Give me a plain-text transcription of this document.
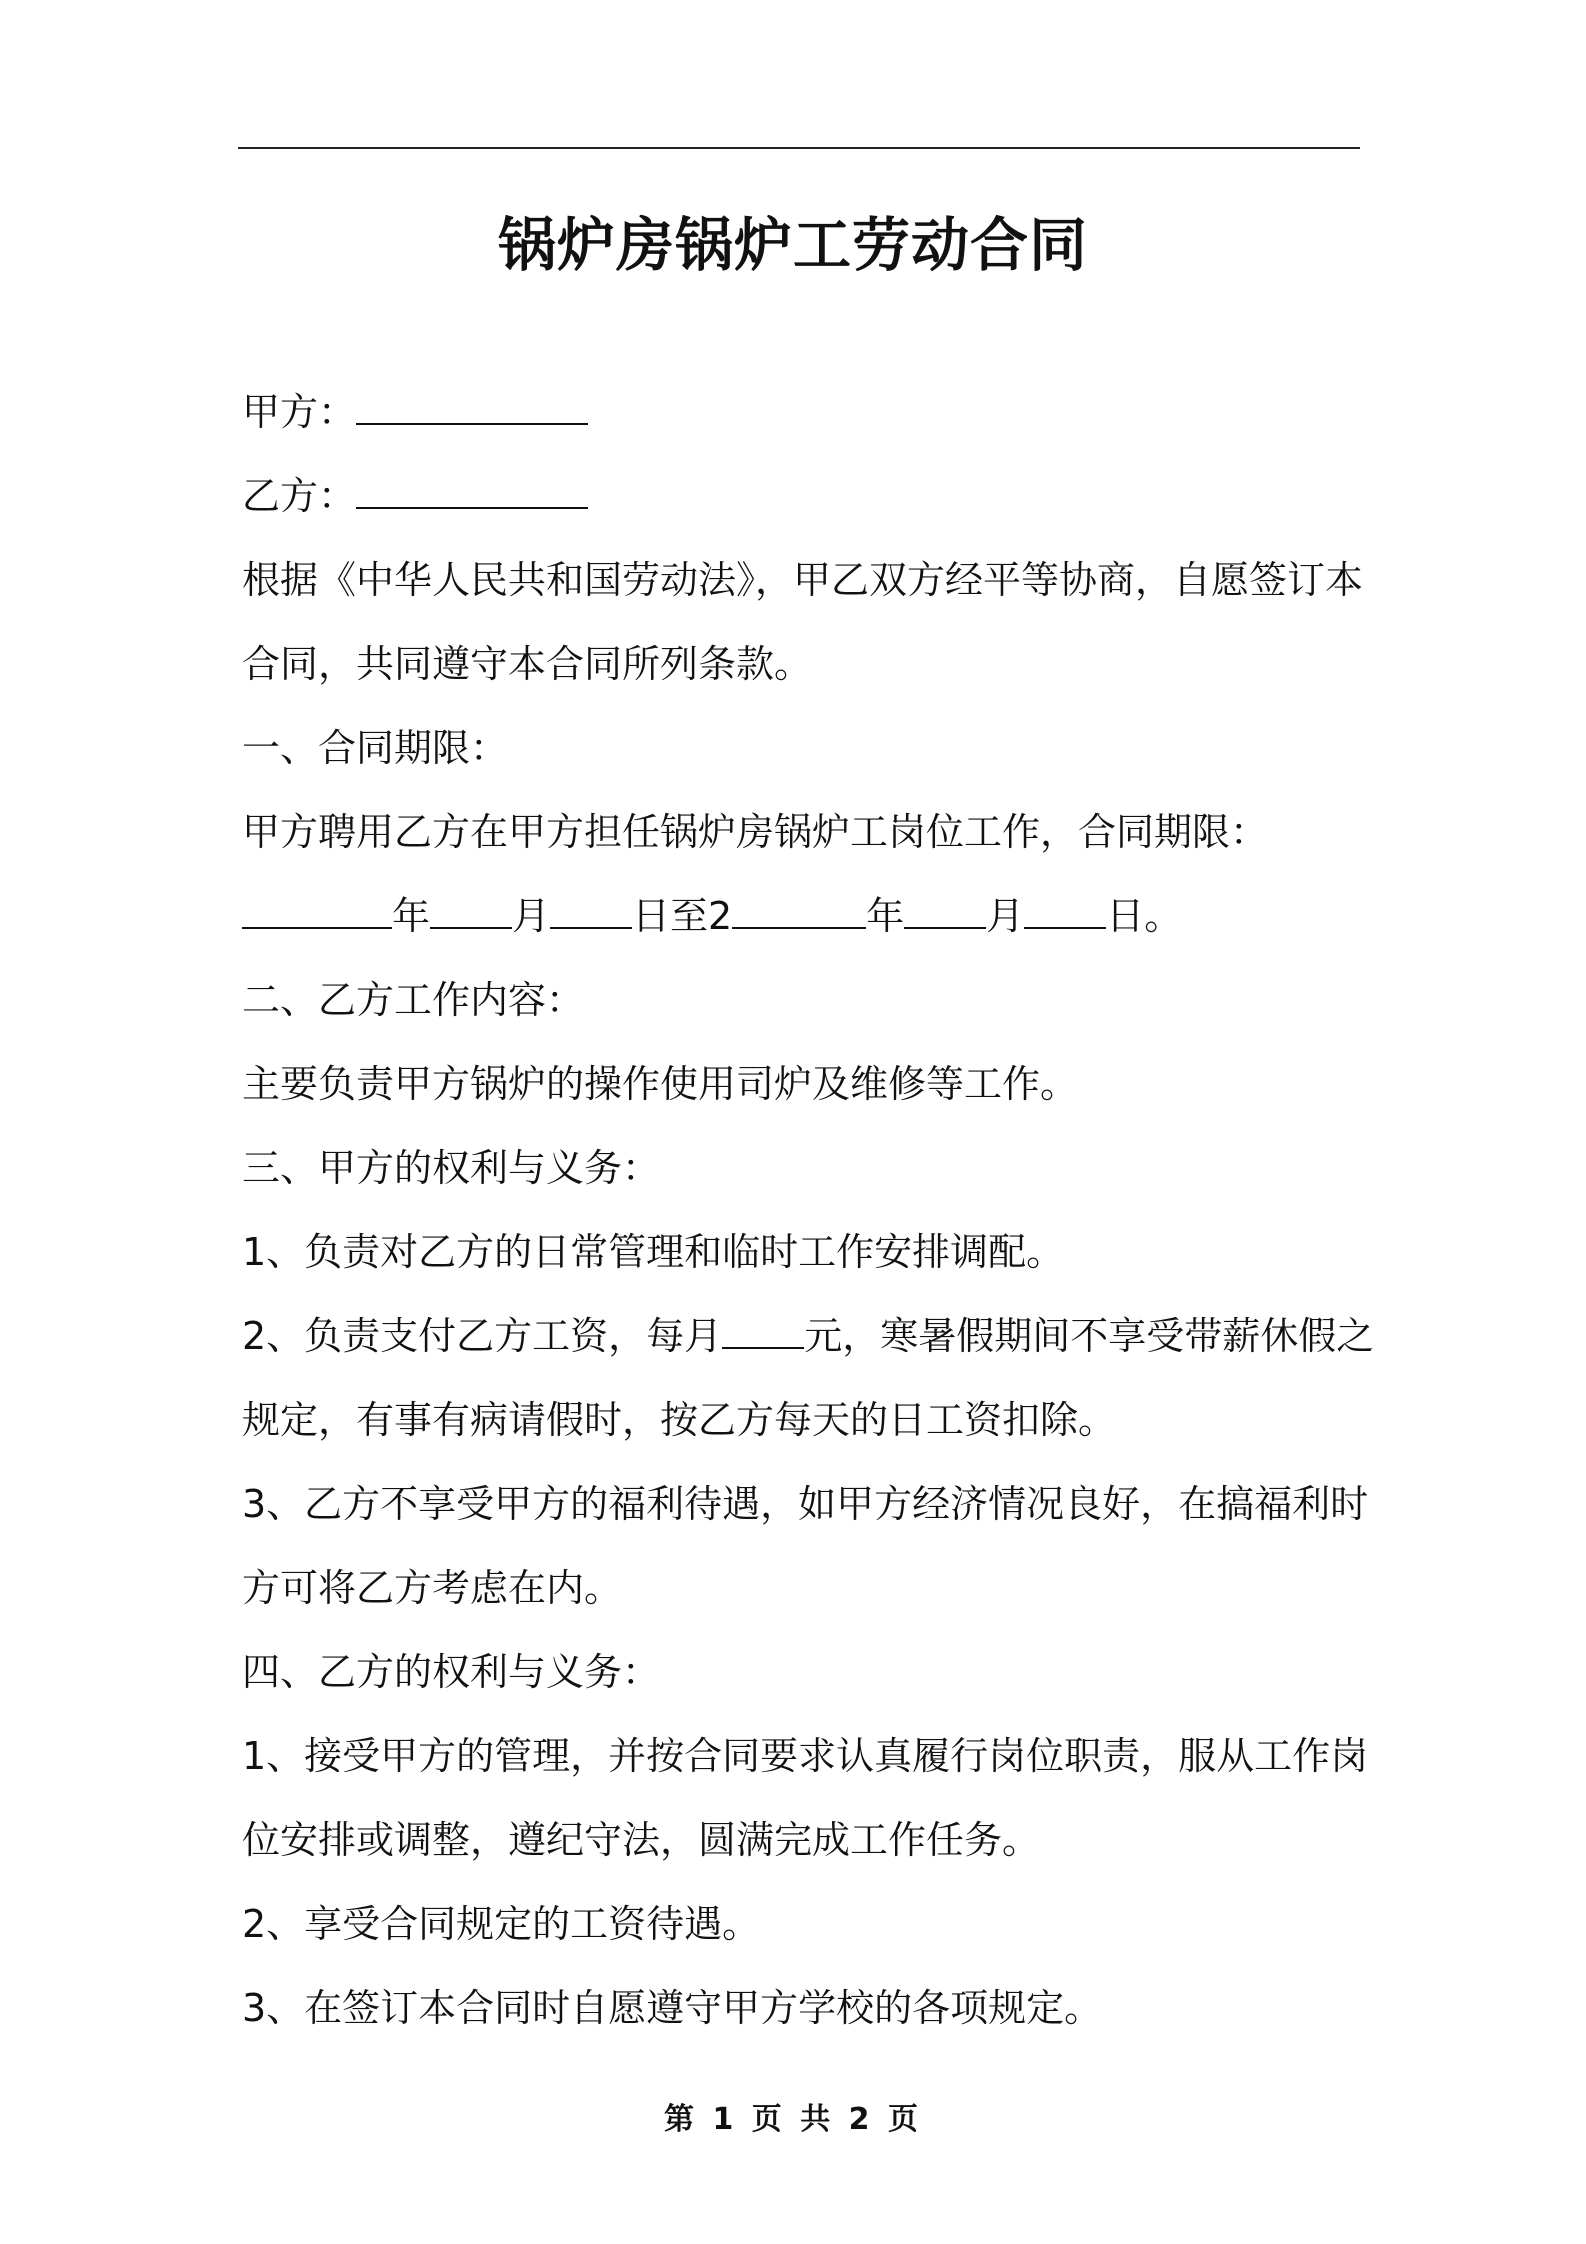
锅炉房锅炉工劳动合同
甲方：
乙方：
根据《中华人民共和国劳动法》，甲乙双方经平等协商，自愿签订本
合同，共同遵守本合同所列条款。
一、合同期限：
甲方聘用乙方在甲方担任锅炉房锅炉工岗位工作，合同期限：
年 月 日至2	年 月 日。
二、乙方工作内容：
主要负责甲方锅炉的操作使用司炉及维修等工作。
三、甲方的权利与义务：
1、负责对乙方的日常管理和临时工作安排调配。
2、负责支付乙方工资，每月 元，寒暑假期间不享受带薪休假之
规定，有事有病请假时，按乙方每天的日工资扣除。
3、乙方不享受甲方的福利待遇，如甲方经济情况良好，在搞福利时
方可将乙方考虑在内。
四、乙方的权利与义务：
1、接受甲方的管理，并按合同要求认真履行岗位职责，服从工作岗
位安排或调整，遵纪守法，圆满完成工作任务。
2、享受合同规定的工资待遇。
3、在签订本合同时自愿遵守甲方学校的各项规定。
第 1 页 共 2 页
